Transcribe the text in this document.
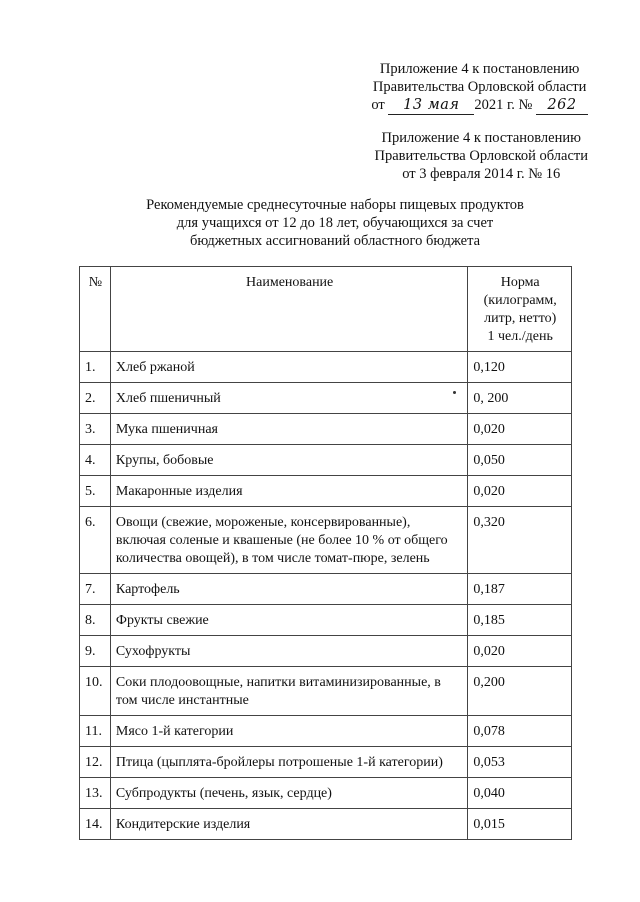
Приложение 4 к постановлению
Правительства Орловской области
от 13 мая 2021 г. № 262
Приложение 4 к постановлению
Правительства Орловской области
от 3 февраля 2014 г. № 16
Рекомендуемые среднесуточные наборы пищевых продуктов
для учащихся от 12 до 18 лет, обучающихся за счет
бюджетных ассигнований областного бюджета
№	Наименование	Норма
(килограмм,
литр, нетто)
1 чел./день

1.	Хлеб ржаной	0,120
2.	Хлеб пшеничный	0, 200
3.	Мука пшеничная	0,020
4.	Крупы, бобовые	0,050
5.	Макаронные изделия	0,020
6.	Овощи (свежие, мороженые, консервированные), включая соленые и квашеные (не более 10 % от общего количества овощей), в том числе томат-пюре, зелень	0,320
7.	Картофель	0,187
8.	Фрукты свежие	0,185
9.	Сухофрукты	0,020
10.	Соки плодоовощные, напитки витаминизированные, в том числе инстантные	0,200
11.	Мясо 1-й категории	0,078
12.	Птица (цыплята-бройлеры потрошеные 1-й категории)	0,053
13.	Субпродукты (печень, язык, сердце)	0,040
14.	Кондитерские изделия	0,015
